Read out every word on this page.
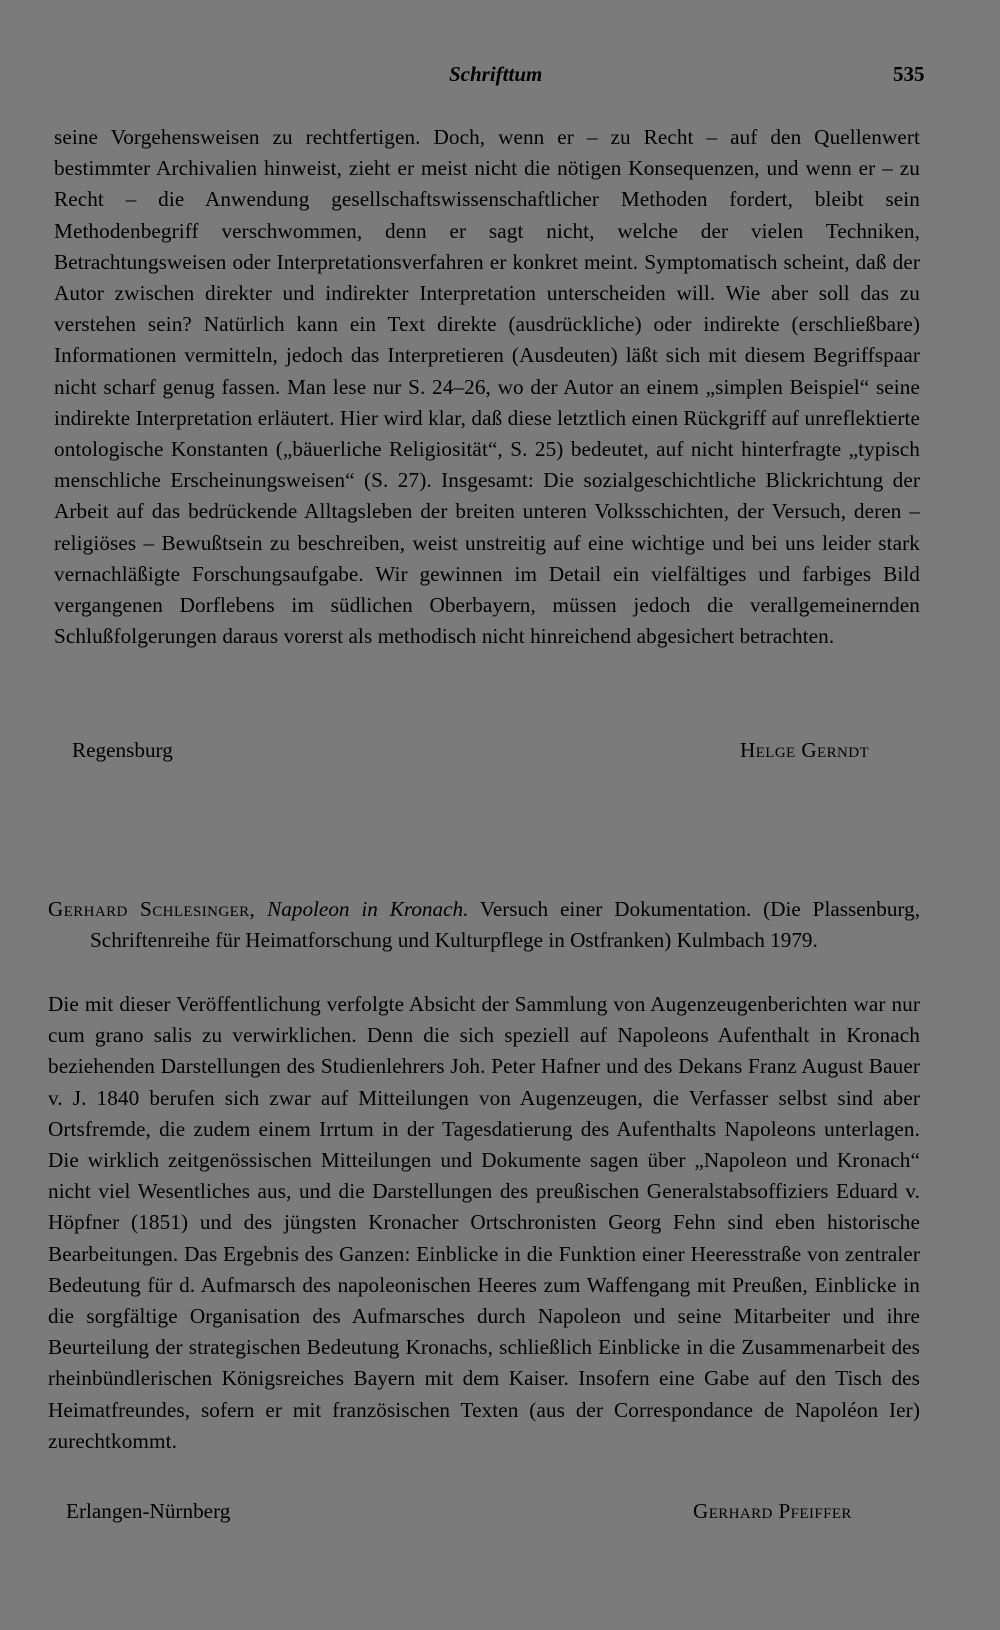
Schrifttum	535

seine Vorgehensweisen zu rechtfertigen. Doch, wenn er – zu Recht – auf den Quellenwert bestimmter Archivalien hinweist, zieht er meist nicht die nötigen Konsequenzen, und wenn er – zu Recht – die Anwendung gesellschaftswissenschaftlicher Methoden fordert, bleibt sein Methodenbegriff verschwommen, denn er sagt nicht, welche der vielen Techniken, Betrachtungsweisen oder Interpretationsverfahren er konkret meint. Symptomatisch scheint, daß der Autor zwischen direkter und indirekter Interpretation unterscheiden will. Wie aber soll das zu verstehen sein? Natürlich kann ein Text direkte (ausdrückliche) oder indirekte (erschließbare) Informationen vermitteln, jedoch das Interpretieren (Ausdeuten) läßt sich mit diesem Begriffspaar nicht scharf genug fassen. Man lese nur S. 24–26, wo der Autor an einem „simplen Beispiel“ seine indirekte Interpretation erläutert. Hier wird klar, daß diese letztlich einen Rückgriff auf unreflektierte ontologische Konstanten („bäuerliche Religiosität“, S. 25) bedeutet, auf nicht hinterfragte „typisch menschliche Erscheinungsweisen“ (S. 27). Insgesamt: Die sozialgeschichtliche Blickrichtung der Arbeit auf das bedrückende Alltagsleben der breiten unteren Volksschichten, der Versuch, deren – religiöses – Bewußtsein zu beschreiben, weist unstreitig auf eine wichtige und bei uns leider stark vernachläßigte Forschungsaufgabe. Wir gewinnen im Detail ein vielfältiges und farbiges Bild vergangenen Dorflebens im südlichen Oberbayern, müssen jedoch die verallgemeinernden Schlußfolgerungen daraus vorerst als methodisch nicht hinreichend abgesichert betrachten.

Regensburg	Helge Gerndt
Gerhard Schlesinger, Napoleon in Kronach. Versuch einer Dokumentation. (Die Plassenburg, Schriftenreihe für Heimatforschung und Kulturpflege in Ostfranken) Kulmbach 1979.

Die mit dieser Veröffentlichung verfolgte Absicht der Sammlung von Augenzeugenberichten war nur cum grano salis zu verwirklichen. Denn die sich speziell auf Napoleons Aufenthalt in Kronach beziehenden Darstellungen des Studienlehrers Joh. Peter Hafner und des Dekans Franz August Bauer v. J. 1840 berufen sich zwar auf Mitteilungen von Augenzeugen, die Verfasser selbst sind aber Ortsfremde, die zudem einem Irrtum in der Tagesdatierung des Aufenthalts Napoleons unterlagen. Die wirklich zeitgenössischen Mitteilungen und Dokumente sagen über „Napoleon und Kronach“ nicht viel Wesentliches aus, und die Darstellungen des preußischen Generalstabsoffiziers Eduard v. Höpfner (1851) und des jüngsten Kronacher Ortschronisten Georg Fehn sind eben historische Bearbeitungen. Das Ergebnis des Ganzen: Einblicke in die Funktion einer Heeresstraße von zentraler Bedeutung für d. Aufmarsch des napoleonischen Heeres zum Waffengang mit Preußen, Einblicke in die sorgfältige Organisation des Aufmarsches durch Napoleon und seine Mitarbeiter und ihre Beurteilung der strategischen Bedeutung Kronachs, schließlich Einblicke in die Zusammenarbeit des rheinbündlerischen Königsreiches Bayern mit dem Kaiser. Insofern eine Gabe auf den Tisch des Heimatfreundes, sofern er mit französischen Texten (aus der Correspondance de Napoléon Ier) zurechtkommt.

Erlangen-Nürnberg	Gerhard Pfeiffer
